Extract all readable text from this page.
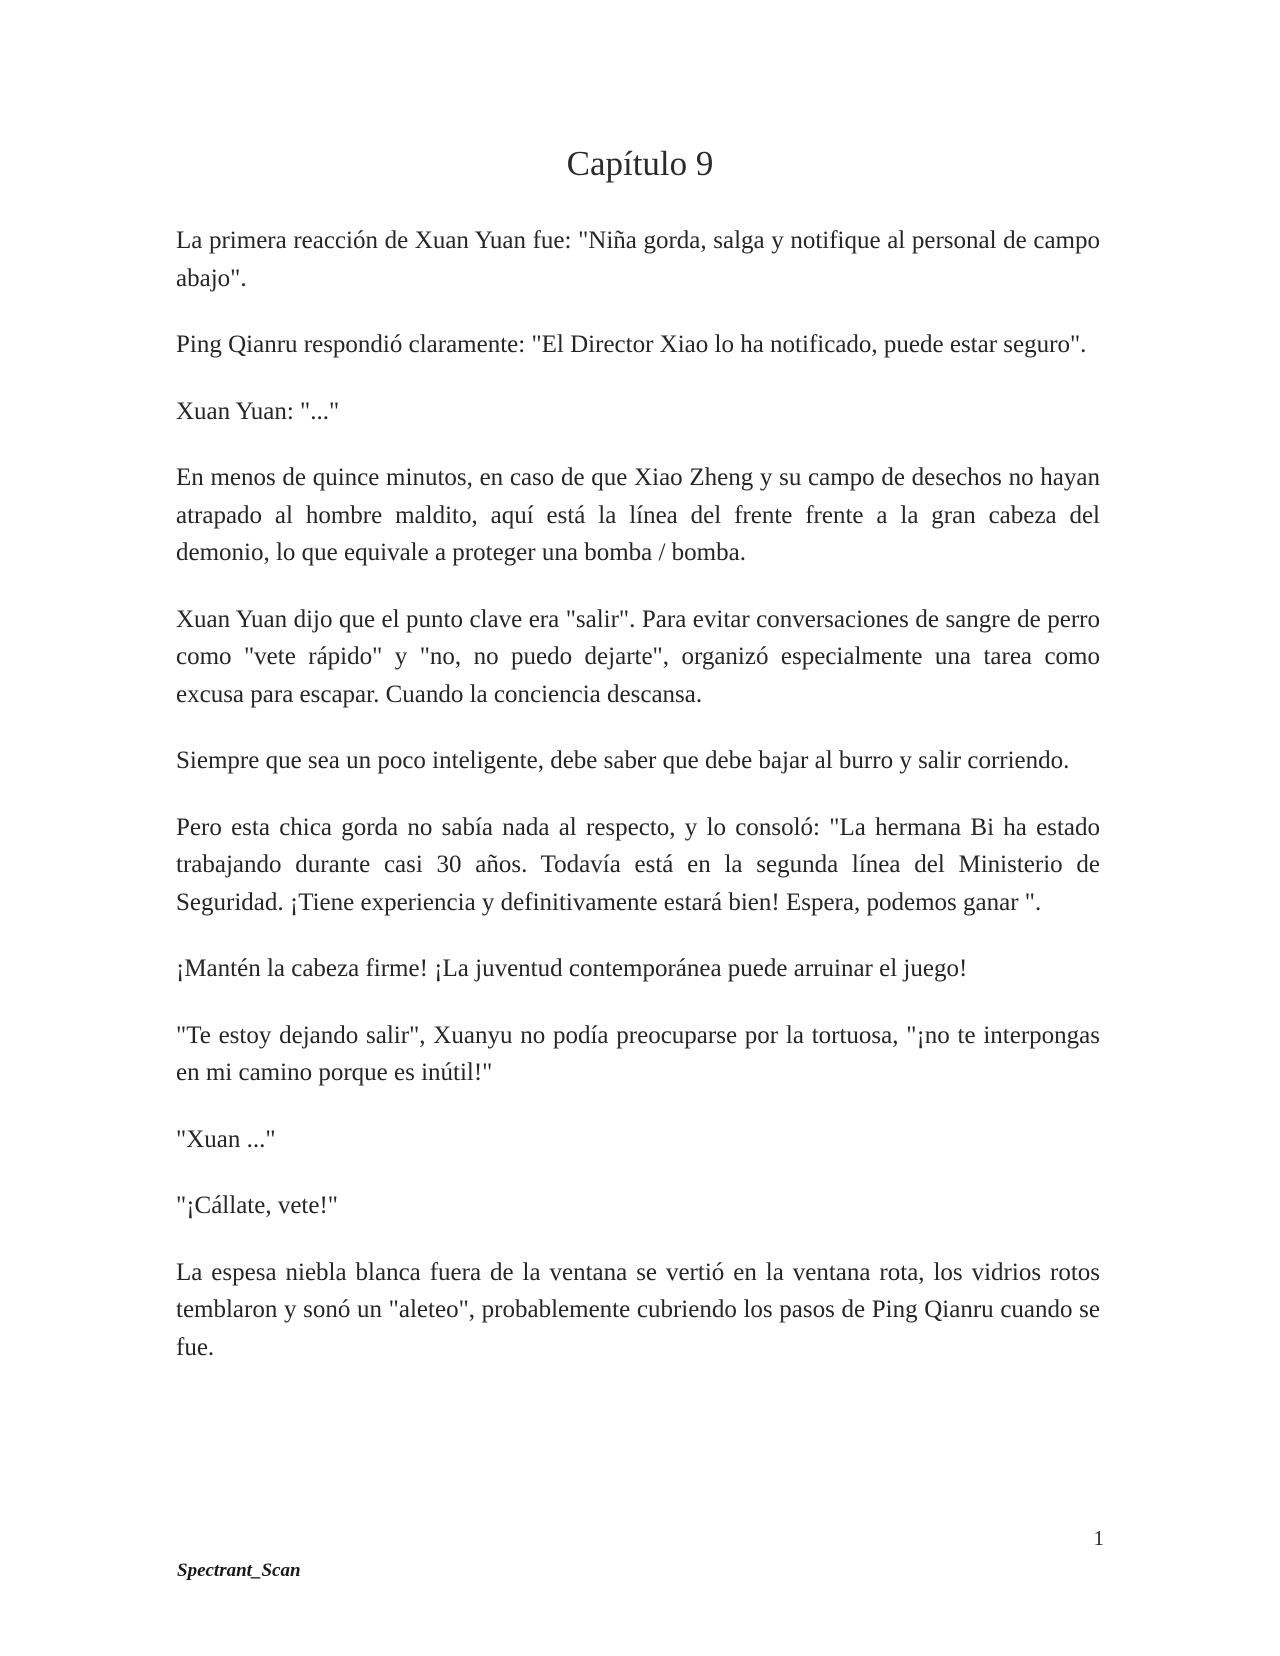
Capítulo 9

La primera reacción de Xuan Yuan fue: "Niña gorda, salga y notifique al personal de campo abajo".

Ping Qianru respondió claramente: "El Director Xiao lo ha notificado, puede estar seguro".

Xuan Yuan: "..."

En menos de quince minutos, en caso de que Xiao Zheng y su campo de desechos no hayan atrapado al hombre maldito, aquí está la línea del frente frente a la gran cabeza del demonio, lo que equivale a proteger una bomba / bomba.

Xuan Yuan dijo que el punto clave era "salir". Para evitar conversaciones de sangre de perro como "vete rápido" y "no, no puedo dejarte", organizó especialmente una tarea como excusa para escapar. Cuando la conciencia descansa.

Siempre que sea un poco inteligente, debe saber que debe bajar al burro y salir corriendo.

Pero esta chica gorda no sabía nada al respecto, y lo consoló: "La hermana Bi ha estado trabajando durante casi 30 años. Todavía está en la segunda línea del Ministerio de Seguridad. ¡Tiene experiencia y definitivamente estará bien! Espera, podemos ganar ".

¡Mantén la cabeza firme! ¡La juventud contemporánea puede arruinar el juego!

"Te estoy dejando salir", Xuanyu no podía preocuparse por la tortuosa, "¡no te interpongas en mi camino porque es inútil!"

"Xuan ..."

"¡Cállate, vete!"

La espesa niebla blanca fuera de la ventana se vertió en la ventana rota, los vidrios rotos temblaron y sonó un "aleteo", probablemente cubriendo los pasos de Ping Qianru cuando se fue.

1
Spectrant_Scan
